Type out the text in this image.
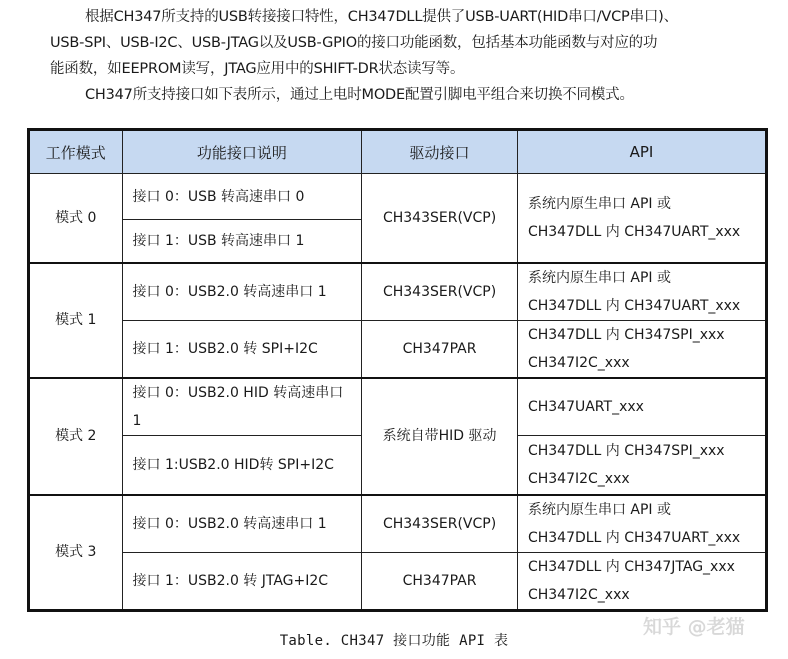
根据CH347所支持的USB转接接口特性，CH347DLL提供了USB-UART(HID串口/VCP串口)、
USB-SPI、USB-I2C、USB-JTAG以及USB-GPIO的接口功能函数，包括基本功能函数与对应的功
能函数，如EEPROM读写，JTAG应用中的SHIFT-DR状态读写等。
CH347所支持接口如下表所示，通过上电时MODE配置引脚电平组合来切换不同模式。
工作模式	功能接口说明	驱动接口	API
模式 0	接口 0：USB 转高速串口 0	CH343SER(VCP)	系统内原生串口 API 或
CH347DLL 内 CH347UART_xxx

	接口 1：USB 转高速串口 1		
模式 1	接口 0：USB2.0 转高速串口 1	CH343SER(VCP)	系统内原生串口 API 或
CH347DLL 内 CH347UART_xxx

	接口 1：USB2.0 转 SPI+I2C	CH347PAR	CH347DLL 内 CH347SPI_xxx
CH347I2C_xxx

模式 2	接口 0：USB2.0 HID 转高速串口 1	系统自带HID 驱动	CH347UART_xxx

	接口 1:USB2.0 HID转 SPI+I2C		CH347DLL 内 CH347SPI_xxx
CH347I2C_xxx

模式 3	接口 0：USB2.0 转高速串口 1	CH343SER(VCP)	系统内原生串口 API 或
CH347DLL 内 CH347UART_xxx

	接口 1：USB2.0 转 JTAG+I2C	CH347PAR	CH347DLL 内 CH347JTAG_xxx
CH347I2C_xxx
知乎 @老猫
Table. CH347 接口功能 API 表
